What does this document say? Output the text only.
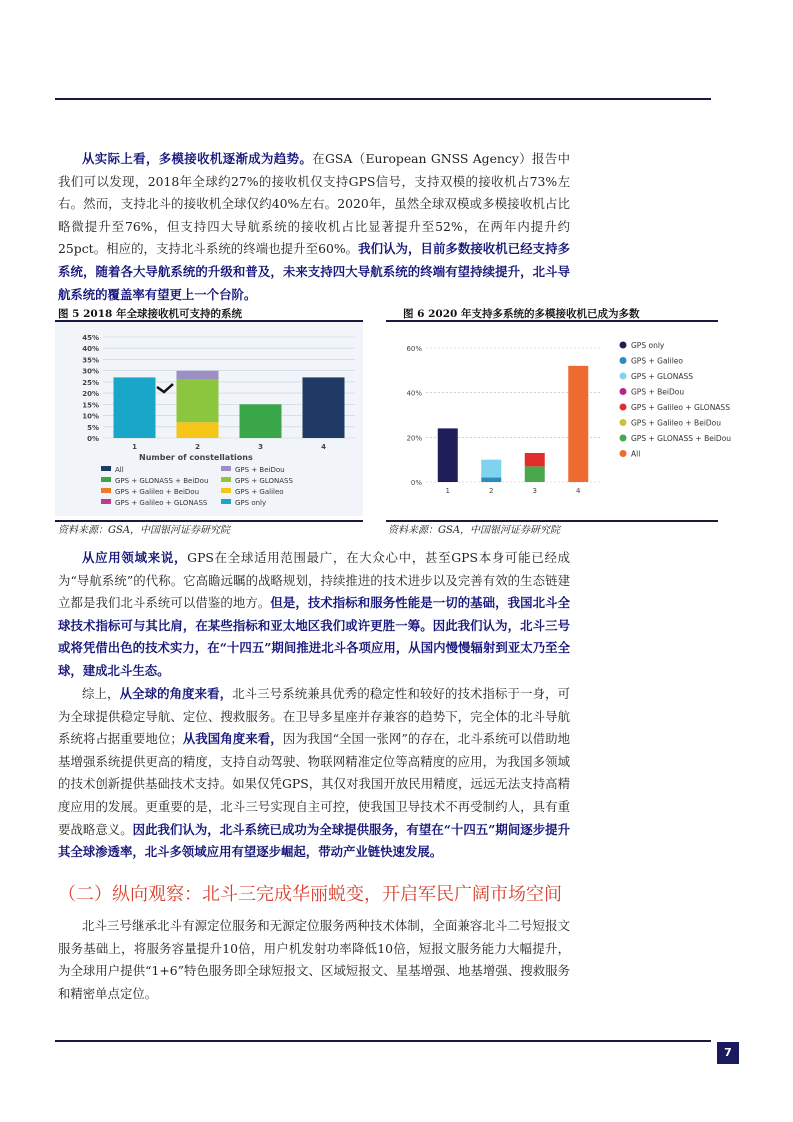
从实际上看，多模接收机逐渐成为趋势。在GSA（European GNSS Agency）报告中我们可以发现，2018年全球约27%的接收机仅支持GPS信号，支持双模的接收机占73%左右。然而，支持北斗的接收机全球仅约40%左右。2020年，虽然全球双模或多模接收机占比略微提升至76%，但支持四大导航系统的接收机占比显著提升至52%，在两年内提升约25pct。相应的，支持北斗系统的终端也提升至60%。我们认为，目前多数接收机已经支持多系统，随着各大导航系统的升级和普及，未来支持四大导航系统的终端有望持续提升，北斗导航系统的覆盖率有望更上一个台阶。

图 5 2018 年全球接收机可支持的系统
Number of constellations
0%
5%
10%
15%
20%
25%
30%
35%
40%
45%
1	2	3	4
All	GPS + BeiDou
GPS + GLONASS + BeiDou	GPS + GLONASS
GPS + Galileo + BeiDou	GPS + Galileo
GPS + Galileo + GLONASS	GPS only
资料来源：GSA，中国银河证券研究院
图 6 2020 年支持多系统的多模接收机已成为多数
0%
20%
40%
60%
1	2	3	4
GPS only
GPS + Galileo
GPS + GLONASS
GPS + BeiDou
GPS + Galileo + GLONASS
GPS + Galileo + BeiDou
GPS + GLONASS + BeiDou
All
资料来源：GSA，中国银河证券研究院

从应用领域来说，GPS在全球适用范围最广，在大众心中，甚至GPS本身可能已经成为“导航系统”的代称。它高瞻远瞩的战略规划，持续推进的技术进步以及完善有效的生态链建立都是我们北斗系统可以借鉴的地方。但是，技术指标和服务性能是一切的基础，我国北斗全球技术指标可与其比肩，在某些指标和亚太地区我们或许更胜一筹。因此我们认为，北斗三号或将凭借出色的技术实力，在“十四五”期间推进北斗各项应用，从国内慢慢辐射到亚太乃至全球，建成北斗生态。

综上，从全球的角度来看，北斗三号系统兼具优秀的稳定性和较好的技术指标于一身，可为全球提供稳定导航、定位、搜救服务。在卫导多星座并存兼容的趋势下，完全体的北斗导航系统将占据重要地位；从我国角度来看，因为我国“全国一张网”的存在，北斗系统可以借助地基增强系统提供更高的精度，支持自动驾驶、物联网精准定位等高精度的应用，为我国多领域的技术创新提供基础技术支持。如果仅凭GPS，其仅对我国开放民用精度，远远无法支持高精度应用的发展。更重要的是，北斗三号实现自主可控，使我国卫导技术不再受制约人，具有重要战略意义。因此我们认为，北斗系统已成功为全球提供服务，有望在“十四五”期间逐步提升其全球渗透率，北斗多领域应用有望逐步崛起，带动产业链快速发展。

（二）纵向观察：北斗三完成华丽蜕变，开启军民广阔市场空间

北斗三号继承北斗有源定位服务和无源定位服务两种技术体制，全面兼容北斗二号短报文服务基础上，将服务容量提升10倍，用户机发射功率降低10倍，短报文服务能力大幅提升，为全球用户提供“1+6”特色服务即全球短报文、区域短报文、星基增强、地基增强、搜救服务和精密单点定位。

7
